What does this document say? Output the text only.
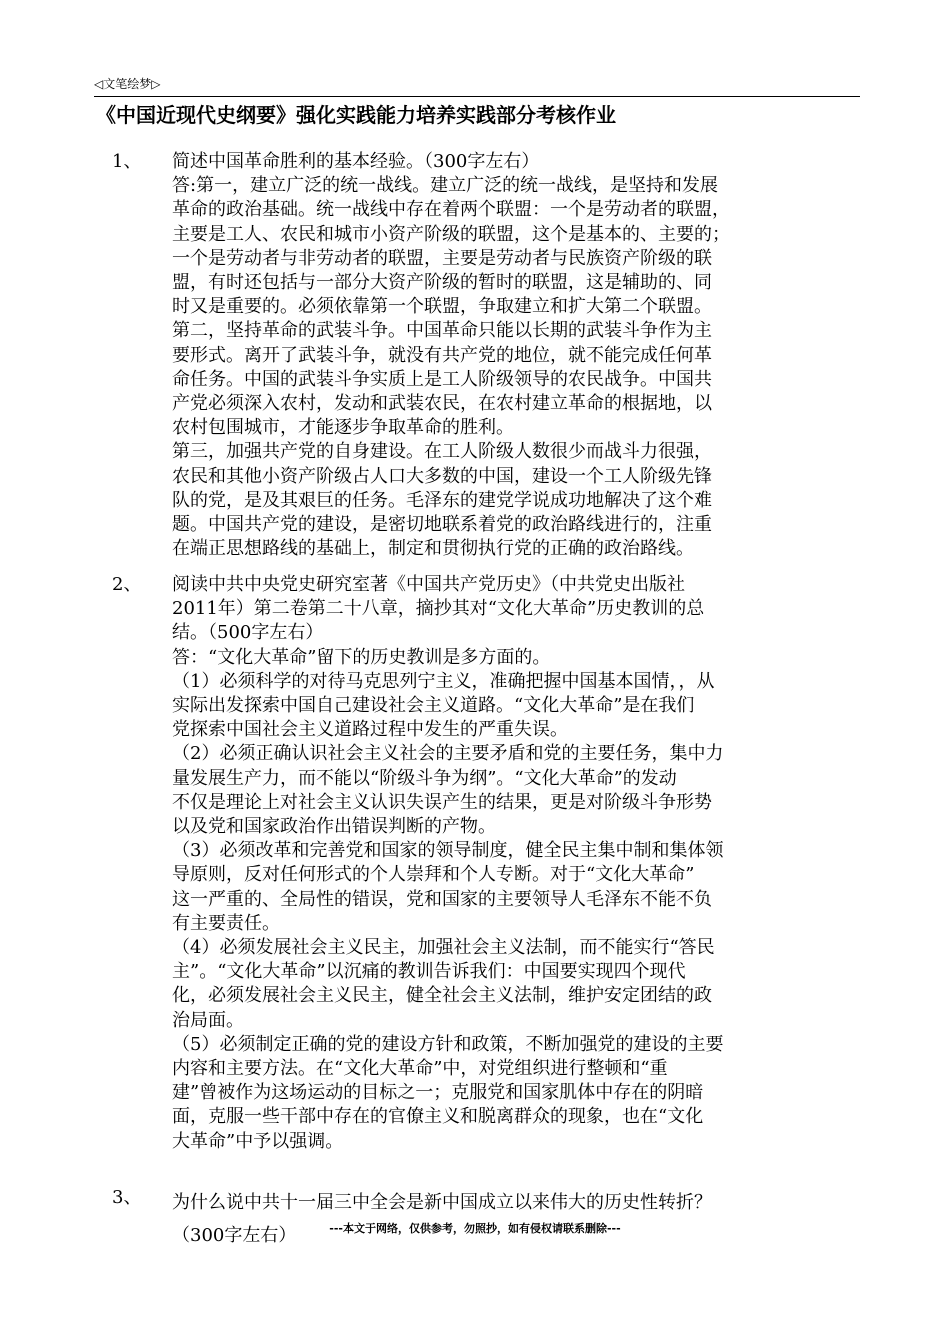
◁文笔绘梦▷
《中国近现代史纲要》强化实践能力培养实践部分考核作业
1、	简述中国革命胜利的基本经验。（300字左右）
答:第一，建立广泛的统一战线。建立广泛的统一战线，是坚持和发展
革命的政治基础。统一战线中存在着两个联盟：一个是劳动者的联盟，
主要是工人、农民和城市小资产阶级的联盟，这个是基本的、主要的；
一个是劳动者与非劳动者的联盟，主要是劳动者与民族资产阶级的联
盟，有时还包括与一部分大资产阶级的暂时的联盟，这是辅助的、同
时又是重要的。必须依靠第一个联盟，争取建立和扩大第二个联盟。
第二，坚持革命的武装斗争。中国革命只能以长期的武装斗争作为主
要形式。离开了武装斗争，就没有共产党的地位，就不能完成任何革
命任务。中国的武装斗争实质上是工人阶级领导的农民战争。中国共
产党必须深入农村，发动和武装农民，在农村建立革命的根据地，以
农村包围城市，才能逐步争取革命的胜利。
第三，加强共产党的自身建设。在工人阶级人数很少而战斗力很强，
农民和其他小资产阶级占人口大多数的中国，建设一个工人阶级先锋
队的党，是及其艰巨的任务。毛泽东的建党学说成功地解决了这个难
题。中国共产党的建设，是密切地联系着党的政治路线进行的，注重
在端正思想路线的基础上，制定和贯彻执行党的正确的政治路线。
2、	阅读中共中央党史研究室著《中国共产党历史》（中共党史出版社
2011年）第二卷第二十八章，摘抄其对“文化大革命”历史教训的总
结。（500字左右）
答：“文化大革命”留下的历史教训是多方面的。
（1）必须科学的对待马克思列宁主义，准确把握中国基本国情，，从
实际出发探索中国自己建设社会主义道路。“文化大革命”是在我们
党探索中国社会主义道路过程中发生的严重失误。
（2）必须正确认识社会主义社会的主要矛盾和党的主要任务，集中力
量发展生产力，而不能以“阶级斗争为纲”。“文化大革命”的发动
不仅是理论上对社会主义认识失误产生的结果，更是对阶级斗争形势
以及党和国家政治作出错误判断的产物。
（3）必须改革和完善党和国家的领导制度，健全民主集中制和集体领
导原则，反对任何形式的个人崇拜和个人专断。对于“文化大革命”
这一严重的、全局性的错误，党和国家的主要领导人毛泽东不能不负
有主要责任。
（4）必须发展社会主义民主，加强社会主义法制，而不能实行“答民
主”。“文化大革命”以沉痛的教训告诉我们：中国要实现四个现代
化，必须发展社会主义民主，健全社会主义法制，维护安定团结的政
治局面。
（5）必须制定正确的党的建设方针和政策，不断加强党的建设的主要
内容和主要方法。在“文化大革命”中，对党组织进行整顿和“重
建”曾被作为这场运动的目标之一；克服党和国家肌体中存在的阴暗
面，克服一些干部中存在的官僚主义和脱离群众的现象，也在“文化
大革命”中予以强调。
3、	为什么说中共十一届三中全会是新中国成立以来伟大的历史性转折？
（300字左右）	---本文于网络，仅供参考，勿照抄，如有侵权请联系删除---
